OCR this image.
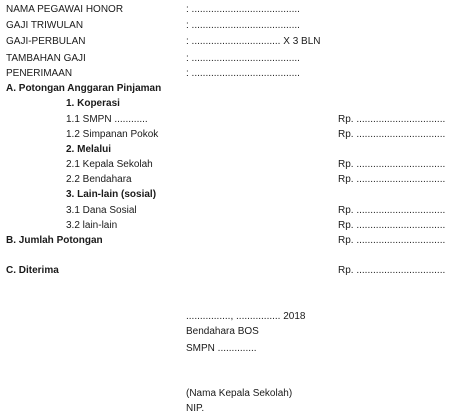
NAMA PEGAWAI HONOR	: .......................................
GAJI TRIWULAN	: .......................................
GAJI-PERBULAN	: ................................ X 3 BLN
TAMBAHAN GAJI	: .......................................
PENERIMAAN	: .......................................
A. Potongan Anggaran Pinjaman
1. Koperasi
1.1 SMPN ............	Rp. ................................
1.2 Simpanan Pokok	Rp. ................................
2. Melalui
2.1 Kepala Sekolah	Rp. ................................
2.2 Bendahara	Rp. ................................
3. Lain-lain (sosial)
3.1 Dana Sosial	Rp. ................................
3.2 lain-lain	Rp. ................................
B. Jumlah Potongan	Rp. ................................
C. Diterima	Rp. ................................
................, ................ 2018
Bendahara BOS
SMPN ..............
(Nama Kepala Sekolah)
NIP.
